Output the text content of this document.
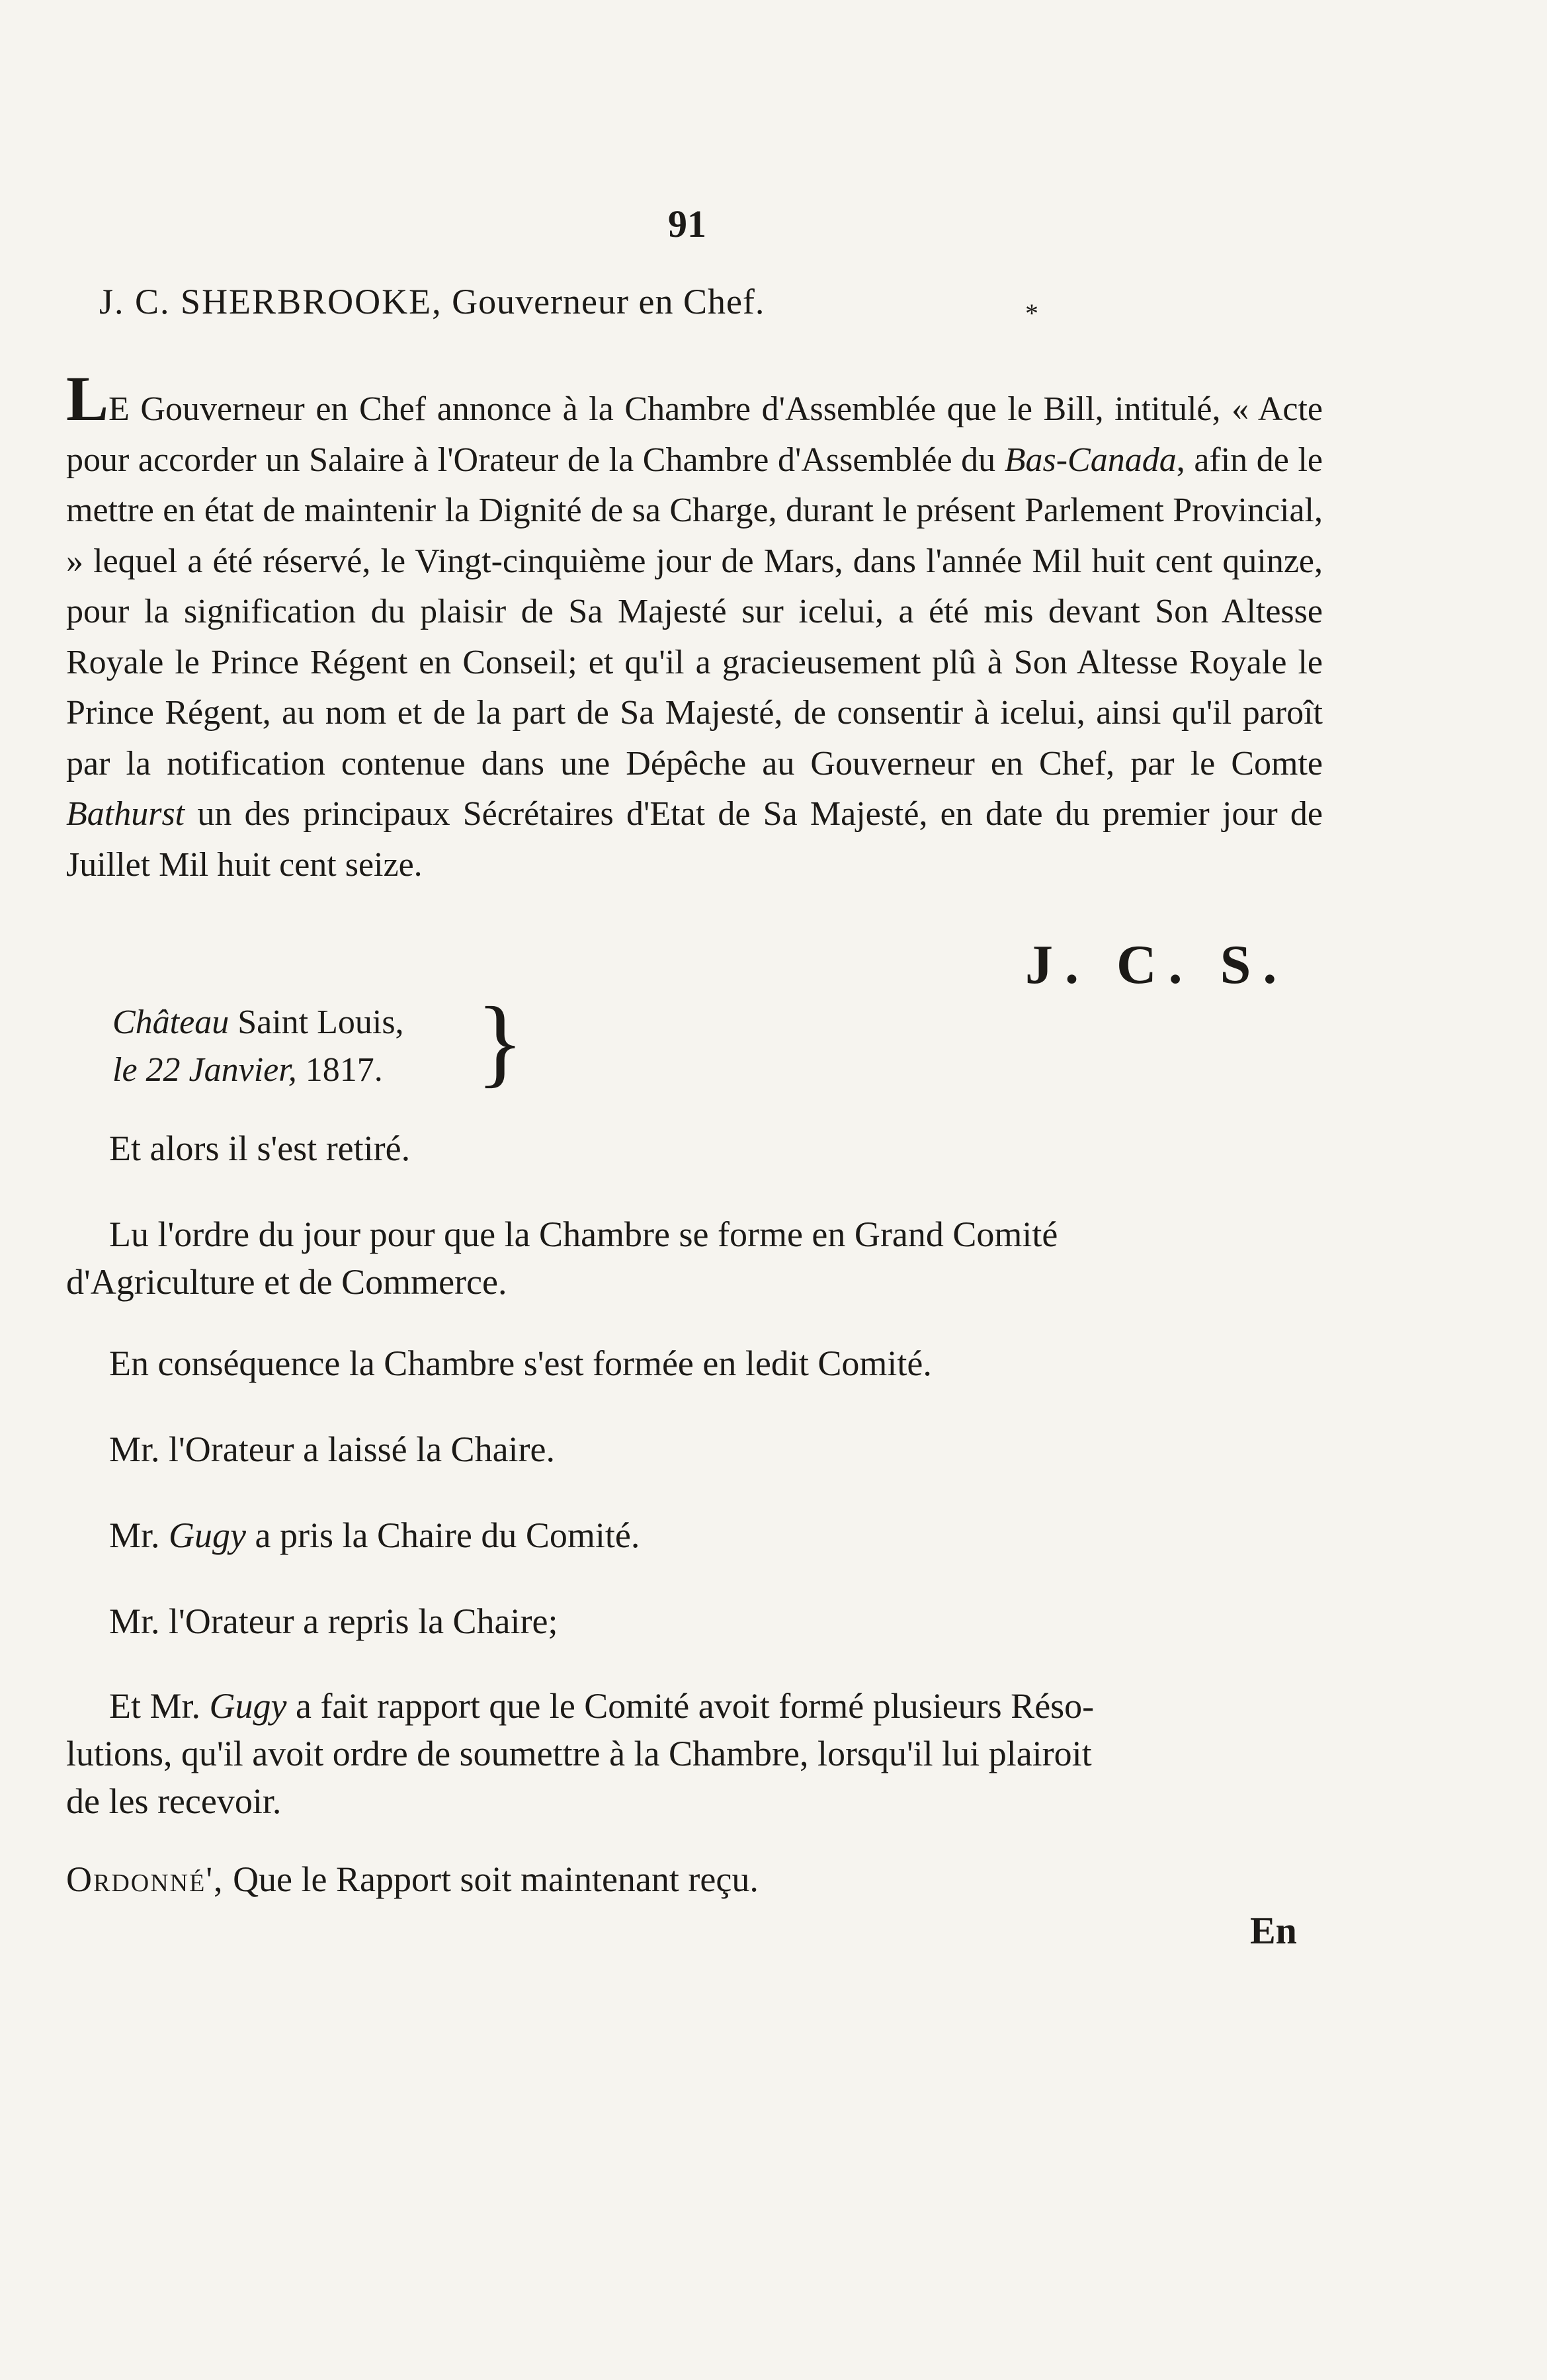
91
J. C. SHERBROOKE, Gouverneur en Chef.	*
LE Gouverneur en Chef annonce à la Chambre d'Assemblée que le Bill, intitulé, « Acte pour accorder un Salaire à l'Orateur de la Chambre d'Assemblée du Bas-Canada, afin de le mettre en état de maintenir la Dignité de sa Charge, durant le présent Parlement Provincial, » lequel a été réservé, le Vingt-cinquième jour de Mars, dans l'année Mil huit cent quinze, pour la signification du plaisir de Sa Majesté sur icelui, a été mis devant Son Altesse Royale le Prince Régent en Conseil; et qu'il a gracieusement plû à Son Altesse Royale le Prince Régent, au nom et de la part de Sa Majesté, de consentir à icelui, ainsi qu'il paroît par la notification contenue dans une Dépêche au Gouverneur en Chef, par le Comte Bathurst un des principaux Sécrétaires d'Etat de Sa Majesté, en date du premier jour de Juillet Mil huit cent seize.
J. C. S.
Château Saint Louis,
le 22 Janvier, 1817. }
Et alors il s'est retiré.
Lu l'ordre du jour pour que la Chambre se forme en Grand Comité
d'Agriculture et de Commerce.
En conséquence la Chambre s'est formée en ledit Comité.
Mr. l'Orateur a laissé la Chaire.
Mr. Gugy a pris la Chaire du Comité.
Mr. l'Orateur a repris la Chaire;
Et Mr. Gugy a fait rapport que le Comité avoit formé plusieurs Réso-
lutions, qu'il avoit ordre de soumettre à la Chambre, lorsqu'il lui plairoit
de les recevoir.
Ordonné', Que le Rapport soit maintenant reçu.
En
